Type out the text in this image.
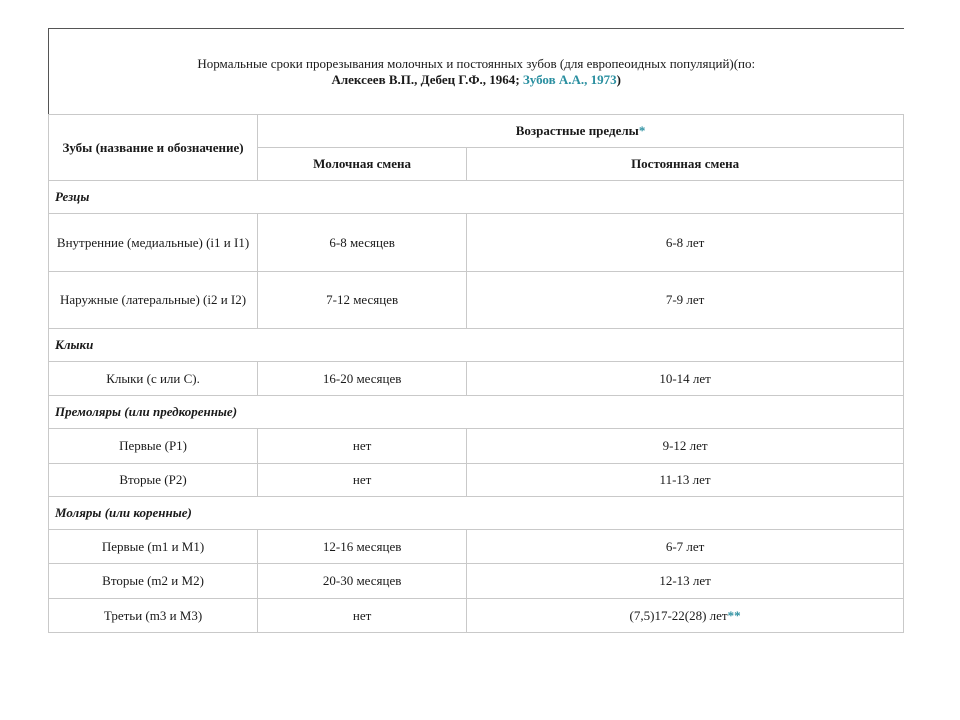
Нормальные сроки прорезывания молочных и постоянных зубов (для европеоидных популяций)(по:
Алексеев В.П., Дебец Г.Ф., 1964; Зубов А.А., 1973)		

Зубы (название и обозначение)	Возрастные пределы*	
	Молочная смена	Постоянная смена
Резцы		
Внутренние (медиальные) (i1 и I1)	6-8 месяцев	6-8 лет
Наружные (латеральные) (i2 и I2)	7-12 месяцев	7-9 лет
Клыки		
Клыки (c или C).	16-20 месяцев	10-14 лет
Премоляры (или предкоренные)		
Первые (P1)	нет	9-12 лет
Вторые (P2)	нет	11-13 лет
Моляры (или коренные)		
Первые (m1 и M1)	12-16 месяцев	6-7 лет
Вторые (m2 и M2)	20-30 месяцев	12-13 лет
Третьи (m3 и M3)	нет	(7,5)17-22(28) лет**
